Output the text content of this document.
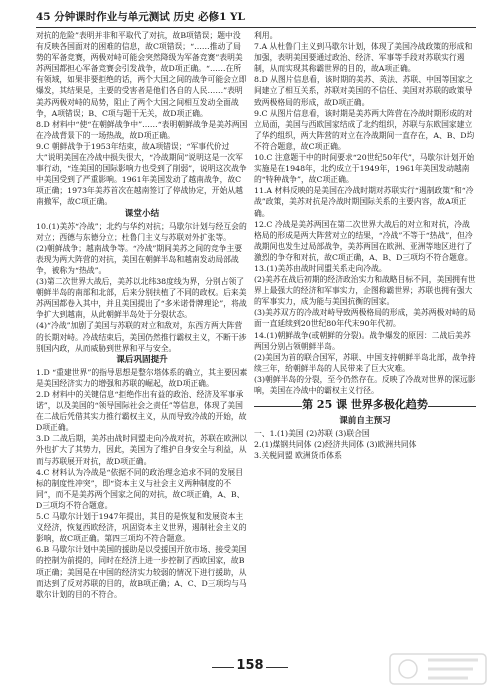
45 分钟课时作业与单元测试 历史 必修1 YL

对抗的危险”表明并非和平取代了对抗，故B项错误；题中没有反映各国面对的困难的信息，故C项错误；“……推动了局势的军备竞赛，两极对峙可能会突然降级为军备竞赛”表明美苏两国都担心军备竞赛会引发战争，故D项正确。“……在所有领域，如果非要拒绝的话，两个大国之间的战争可能会立即爆发，其结果是，主要的受害者是他们各自的人民……”表明美苏两极对峙的局势，阻止了两个大国之间相互发动全面战争，A项错误；B、C项与题干无关，故D项正确。

8.D 材料中“使“在朝鲜战争中”……“表明朝鲜战争是美苏两国在冷战背景下的一场热战，故D项正确。

9.C 朝鲜战争于1953年结束，故A项错误；“军事代价过大”说明美国在冷战中损失很大，“冷战期间”说明这是一次军事行动，“连美国的国际影响力也受到了削弱”，说明这次战争中美国受到了严重影响。1961年美国发动了越南战争，故C项正确；1973年美苏首次在越南签订了停战协定，开始从越南撤军，故C项正确。

课堂小结

10.(1)美苏“冷战”；北约与华约对抗；马歇尔计划与经互会的对立；西德与东德分立；杜鲁门主义与苏联对外扩张等。

(2)朝鲜战争；越南战争等。“冷战”期间美苏之间的竞争主要表现为两大阵营的对抗，美国在朝鲜半岛和越南发动局部战争，被称为“热战”。

(3)第二次世界大战后，美苏以北纬38度线为界，分别占领了朝鲜半岛的南部和北部，后来分别扶植了不同的政权。后来美苏两国都卷入其中，并且美国提出了“多米诺骨牌理论”，将战争扩大到越南，从此朝鲜半岛处于分裂状态。

(4)“冷战”加剧了美国与苏联的对立和敌对，东西方两大阵营的长期对峙。冷战结束后，美国仍然推行霸权主义，不断干涉别国内政，从而威胁到世界和平与安全。

课后巩固提升

1.D “重建世界”的指导思想是整尔塔体系的确立，其主要因素是美国经济实力的增强和苏联的崛起，故D项正确。

2.D 材料中的关键信息“拒绝作出有益的政治、经济及军事承诺”，以及美国的“领导国际社会之责任”等信息，体现了美国在二战后凭借其实力推行霸权主义，从而导致冷战的开始，故D项正确。

3.D 二战后期，美苏由战时同盟走向冷战对抗，苏联在欧洲以外也扩大了其势力，因此，美国为了维护自身安全与利益，从而与苏联展开对抗，故D项正确。

4.C 材料认为冷战是“依据不同的政治理念追求不同的发展目标的制度性冲突”，即“资本主义与社会主义两种制度的不同”，而不是美苏两个国家之间的对抗，故C项正确，A、B、D三项均不符合题意。

5.C 马歇尔计划于1947年提出，其目的是恢复和发展资本主义经济，恢复西欧经济，巩固资本主义世界，遏制社会主义的影响，故C项正确。第四三项均不符合题意。

6.B 马歇尔计划中美国的援助是以受援国开放市场、接受美国的控制为前提的，同时在经济上进一步控制了西欧国家，故B项正确；美国是在中国的经济实力较弱的情况下进行援助，从而达到了反对苏联的目的，故B项正确；A、C、D三项均与马歇尔计划的目的不符合。

利用。

7.A 从杜鲁门主义到马歇尔计划，体现了美国冷战政策的形成和加强，表明美国要通过政治、经济、军事等手段对苏联实行遏制，从而实现其称霸世界的目的，故A项正确。

8.D 从图片信息看，该时期的美苏、英法、苏联、中国等国家之间建立了相互关系，苏联对美国的不信任、美国对苏联的政策导致两极格局的形成，故D项正确。

9.C 从图片信息看，该时期是美苏两大阵营在冷战时期形成的对立局面，美国与西欧国家结成了北约组织，苏联与东欧国家建立了华约组织，两大阵营的对立在冷战期间一直存在，A、B、D均不符合题意，故C项正确。

10.C 注意题干中的时间要求“20世纪50年代”，马歇尔计划开始实施是在1948年，北约成立于1949年，1961年美国发动越南的“特种战争”，故C项正确。

11.A 材料反映的是美国在冷战时期对苏联实行“遏制政策”和“冷战”政策，美苏对抗是冷战时期国际关系的主要内容，故A项正确。

12.C 冷战是美苏两国在第二次世界大战后的对立和对抗，冷战格局的形成是两大阵营对立的结果，“冷战”不等于“热战”，但冷战期间也发生过局部战争，美苏两国在欧洲、亚洲等地区进行了激烈的争夺和对抗，故C项正确，A、B、D三项均不符合题意。

13.(1)美苏由战时同盟关系走向冷战。

(2)美苏在战后初期的经济政治实力和战略目标不同，美国拥有世界上最强大的经济和军事实力，企图称霸世界；苏联也拥有强大的军事实力，成为能与美国抗衡的国家。

(3)美苏双方的冷战对峙导致两极格局的形成，美苏两极对峙的局面一直延续到20世纪80年代末90年代初。

14.(1)朝鲜战争(或朝鲜的分裂)。战争爆发的原因：二战后美苏两国分别占领朝鲜半岛。

(2)美国为首的联合国军，苏联、中国支持朝鲜半岛北部，战争持续三年，给朝鲜半岛的人民带来了巨大灾难。

(3)朝鲜半岛的分裂，至今仍然存在。反映了冷战对世界的深远影响，美国在冷战中的霸权主义行径。

第 25 课 世界多极化趋势
课前自主预习

一、1.(1)美国 (2)苏联 (3)联合国

2.(1)煤钢共同体 (2)经济共同体 (3)欧洲共同体

3.关税同盟 欧洲货币体系

158
